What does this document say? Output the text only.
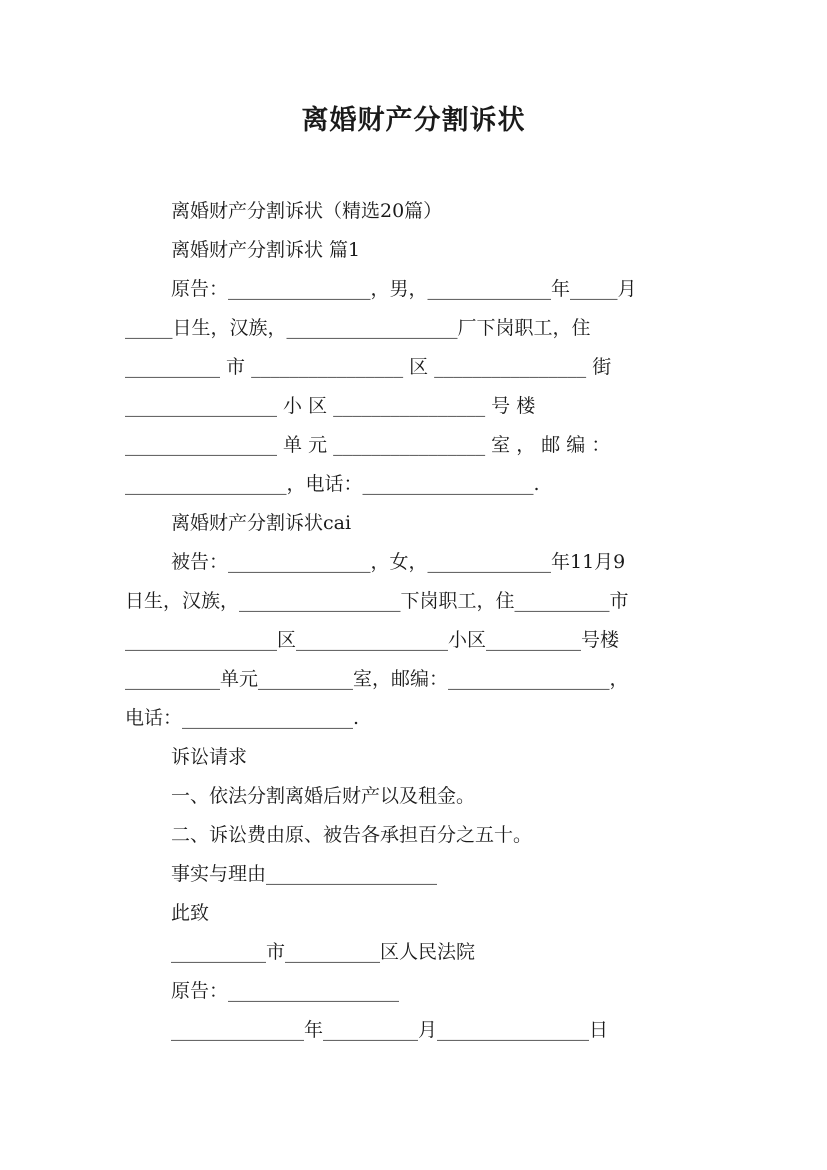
离婚财产分割诉状
离婚财产分割诉状（精选20篇）
离婚财产分割诉状 篇1
原告：_______________，男，_____________年_____月
_____日生，汉族，__________________厂下岗职工，住
__________ 市 ________________ 区 ________________ 街
________________ 小 区 ________________ 号 楼
________________ 单 元 ________________ 室 ， 邮 编 ：
_________________，电话：__________________.
离婚财产分割诉状cai
被告：_______________，女，_____________年11月9
日生，汉族，_________________下岗职工，住__________市
________________区________________小区__________号楼
__________单元__________室，邮编：_________________，
电话：__________________.
诉讼请求
一、依法分割离婚后财产以及租金。
二、诉讼费由原、被告各承担百分之五十。
事实与理由__________________
此致
__________市__________区人民法院
原告：__________________
______________年__________月________________日
